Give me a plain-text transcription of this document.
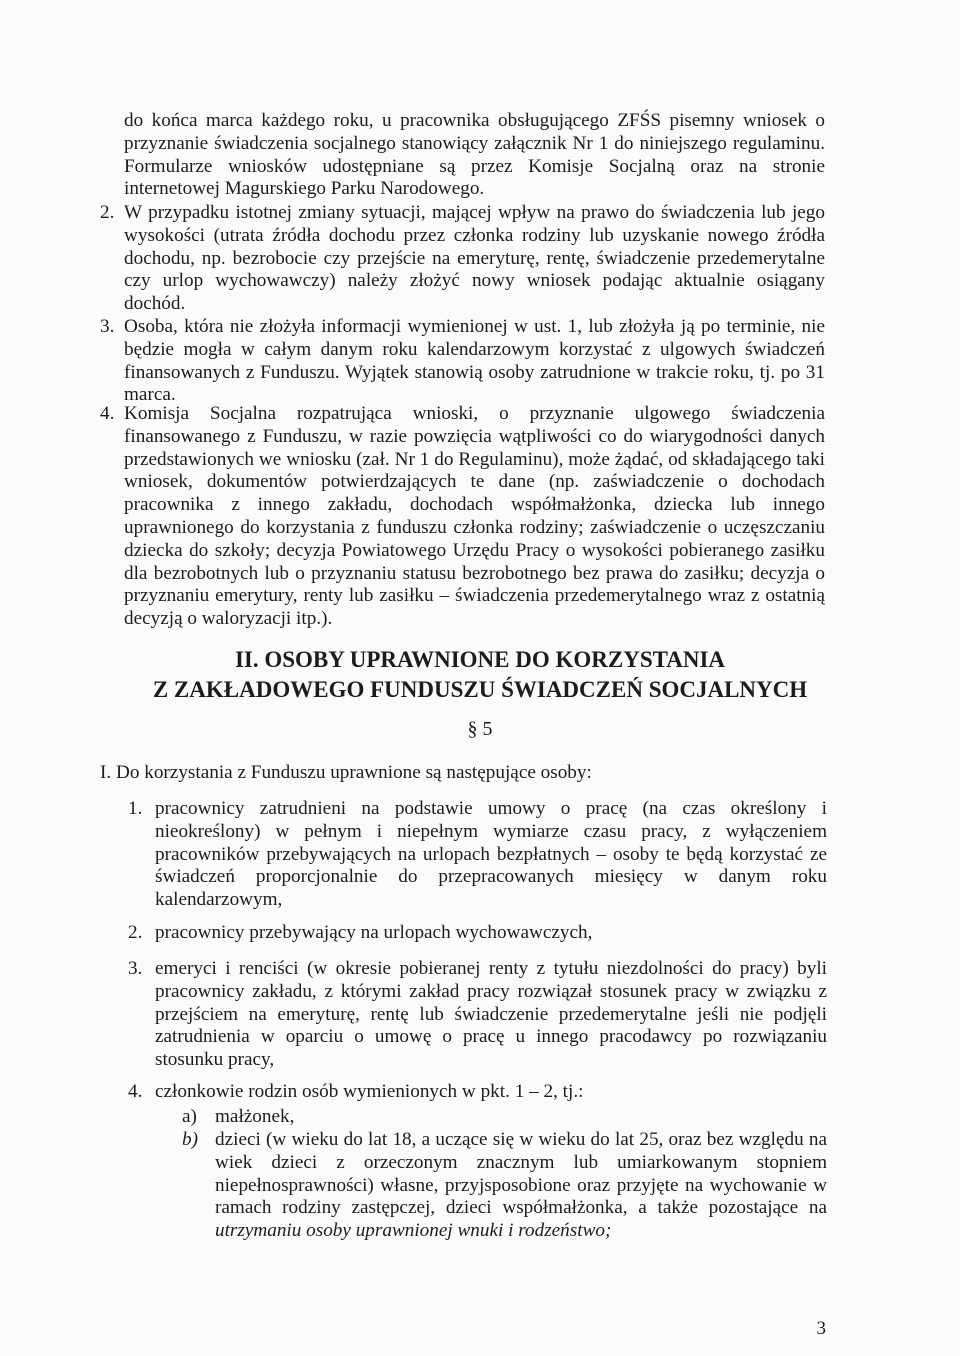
do końca marca każdego roku, u pracownika obsługującego ZFŚS pisemny wniosek o przyznanie świadczenia socjalnego stanowiący załącznik Nr 1 do niniejszego regulaminu. Formularze wniosków udostępniane są przez Komisje Socjalną oraz na stronie internetowej Magurskiego Parku Narodowego.

2. W przypadku istotnej zmiany sytuacji, mającej wpływ na prawo do świadczenia lub jego wysokości (utrata źródła dochodu przez członka rodziny lub uzyskanie nowego źródła dochodu, np. bezrobocie czy przejście na emeryturę, rentę, świadczenie przedemerytalne czy urlop wychowawczy) należy złożyć nowy wniosek podając aktualnie osiągany dochód.

3. Osoba, która nie złożyła informacji wymienionej w ust. 1, lub złożyła ją po terminie, nie będzie mogła w całym danym roku kalendarzowym korzystać z ulgowych świadczeń finansowanych z Funduszu. Wyjątek stanowią osoby zatrudnione w trakcie roku, tj. po 31 marca.

4. Komisja Socjalna rozpatrująca wnioski, o przyznanie ulgowego świadczenia finansowanego z Funduszu, w razie powzięcia wątpliwości co do wiarygodności danych przedstawionych we wniosku (zał. Nr 1 do Regulaminu), może żądać, od składającego taki wniosek, dokumentów potwierdzających te dane (np. zaświadczenie o dochodach pracownika z innego zakładu, dochodach współmałżonka, dziecka lub innego uprawnionego do korzystania z funduszu członka rodziny; zaświadczenie o uczęszczaniu dziecka do szkoły; decyzja Powiatowego Urzędu Pracy o wysokości pobieranego zasiłku dla bezrobotnych lub o przyznaniu statusu bezrobotnego bez prawa do zasiłku; decyzja o przyznaniu emerytury, renty lub zasiłku – świadczenia przedemerytalnego wraz z ostatnią decyzją o waloryzacji itp.).

II. OSOBY UPRAWNIONE DO KORZYSTANIA
Z ZAKŁADOWEGO FUNDUSZU ŚWIADCZEŃ SOCJALNYCH
§ 5

I. Do korzystania z Funduszu uprawnione są następujące osoby:

1. pracownicy zatrudnieni na podstawie umowy o pracę (na czas określony i nieokreślony) w pełnym i niepełnym wymiarze czasu pracy, z wyłączeniem pracowników przebywających na urlopach bezpłatnych – osoby te będą korzystać ze świadczeń proporcjonalnie do przepracowanych miesięcy w danym roku kalendarzowym,

2. pracownicy przebywający na urlopach wychowawczych,

3. emeryci i renciści (w okresie pobieranej renty z tytułu niezdolności do pracy) byli pracownicy zakładu, z którymi zakład pracy rozwiązał stosunek pracy w związku z przejściem na emeryturę, rentę lub świadczenie przedemerytalne jeśli nie podjęli zatrudnienia w oparciu o umowę o pracę u innego pracodawcy po rozwiązaniu stosunku pracy,

4. członkowie rodzin osób wymienionych w pkt. 1 – 2, tj.:

a) małżonek,

b) dzieci (w wieku do lat 18, a uczące się w wieku do lat 25, oraz bez względu na wiek dzieci z orzeczonym znacznym lub umiarkowanym stopniem niepełnosprawności) własne, przyjsposobione oraz przyjęte na wychowanie w ramach rodziny zastępczej, dzieci współmałżonka, a także pozostające na utrzymaniu osoby uprawnionej wnuki i rodzeństwo;

3
